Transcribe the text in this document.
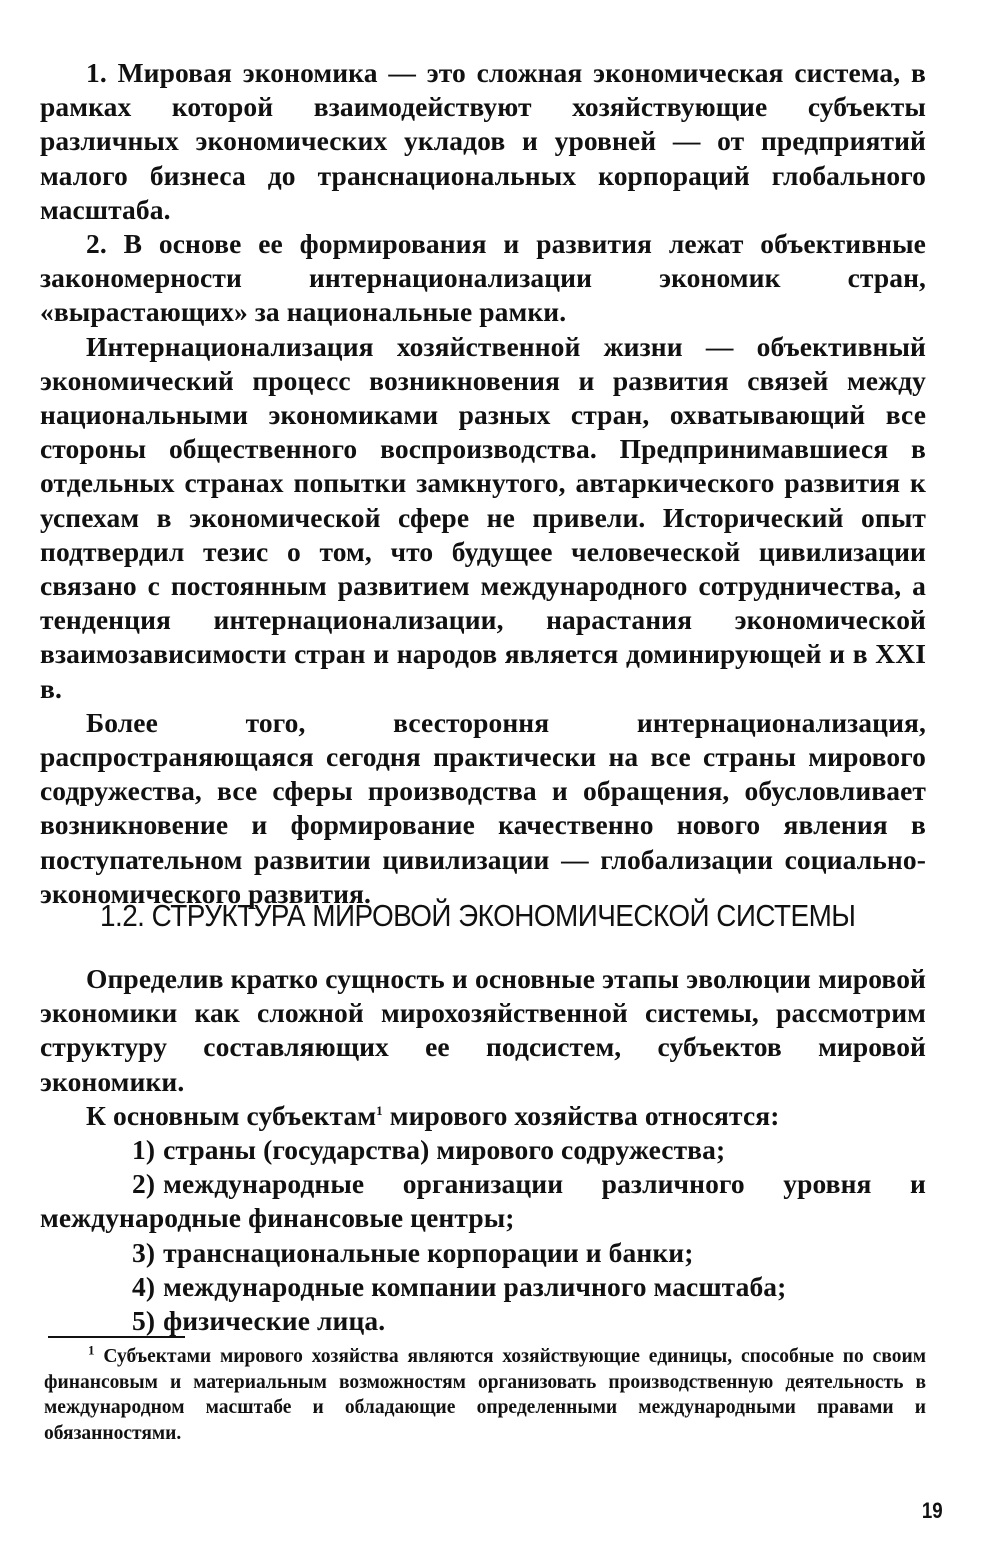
1. Мировая экономика — это сложная экономическая система, в рамках которой взаимодействуют хозяйствующие субъекты различных экономических укладов и уровней — от предприятий малого бизнеса до транснациональных корпораций глобального масштаба.

2. В основе ее формирования и развития лежат объективные закономерности интернационализации экономик стран, «вырастающих» за национальные рамки.

Интернационализация хозяйственной жизни — объективный экономический процесс возникновения и развития связей между национальными экономиками разных стран, охватывающий все стороны общественного воспроизводства. Предпринимавшиеся в отдельных странах попытки замкнутого, автаркического развития к успехам в экономической сфере не привели. Исторический опыт подтвердил тезис о том, что будущее человеческой цивилизации связано с постоянным развитием международного сотрудничества, а тенденция интернационализации, нарастания экономической взаимозависимости стран и народов является доминирующей и в XXI в.

Более того, всестороння интернационализация, распространяющаяся сегодня практически на все страны мирового содружества, все сферы производства и обращения, обусловливает возникновение и формирование качественно нового явления в поступательном развитии цивилизации — глобализации социально-экономического развития.

1.2. СТРУКТУРА МИРОВОЙ ЭКОНОМИЧЕСКОЙ СИСТЕМЫ

Определив кратко сущность и основные этапы эволюции мировой экономики как сложной мирохозяйственной системы, рассмотрим структуру составляющих ее подсистем, субъектов мировой экономики.

К основным субъектам$^1$ мирового хозяйства относятся:

1) страны (государства) мирового содружества;

2) международные организации различного уровня и международные финансовые центры;

3) транснациональные корпорации и банки;

4) международные компании различного масштаба;

5) физические лица.

$^1$ Субъектами мирового хозяйства являются хозяйствующие единицы, способные по своим финансовым и материальным возможностям организовать производственную деятельность в международном масштабе и обладающие определенными международными правами и обязанностями.

19
